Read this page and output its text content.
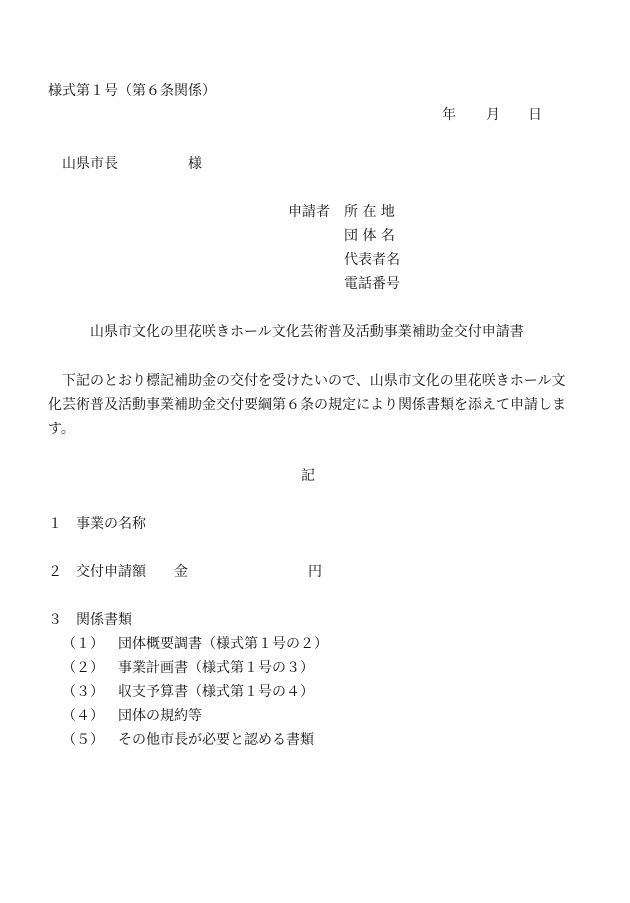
様式第１号（第６条関係）
年 月 日
山県市長	様
申請者 所 在 地
団 体 名
代表者名
電話番号
山県市文化の里花咲きホール文化芸術普及活動事業補助金交付申請書
　下記のとおり標記補助金の交付を受けたいので、山県市文化の里花咲きホール文
化芸術普及活動事業補助金交付要綱第６条の規定により関係書類を添えて申請しま
す。
記
１ 事業の名称
２ 交付申請額 金	円
３ 関係書類
（１） 団体概要調書（様式第１号の２）
（２） 事業計画書（様式第１号の３）
（３） 収支予算書（様式第１号の４）
（４） 団体の規約等
（５） その他市長が必要と認める書類
